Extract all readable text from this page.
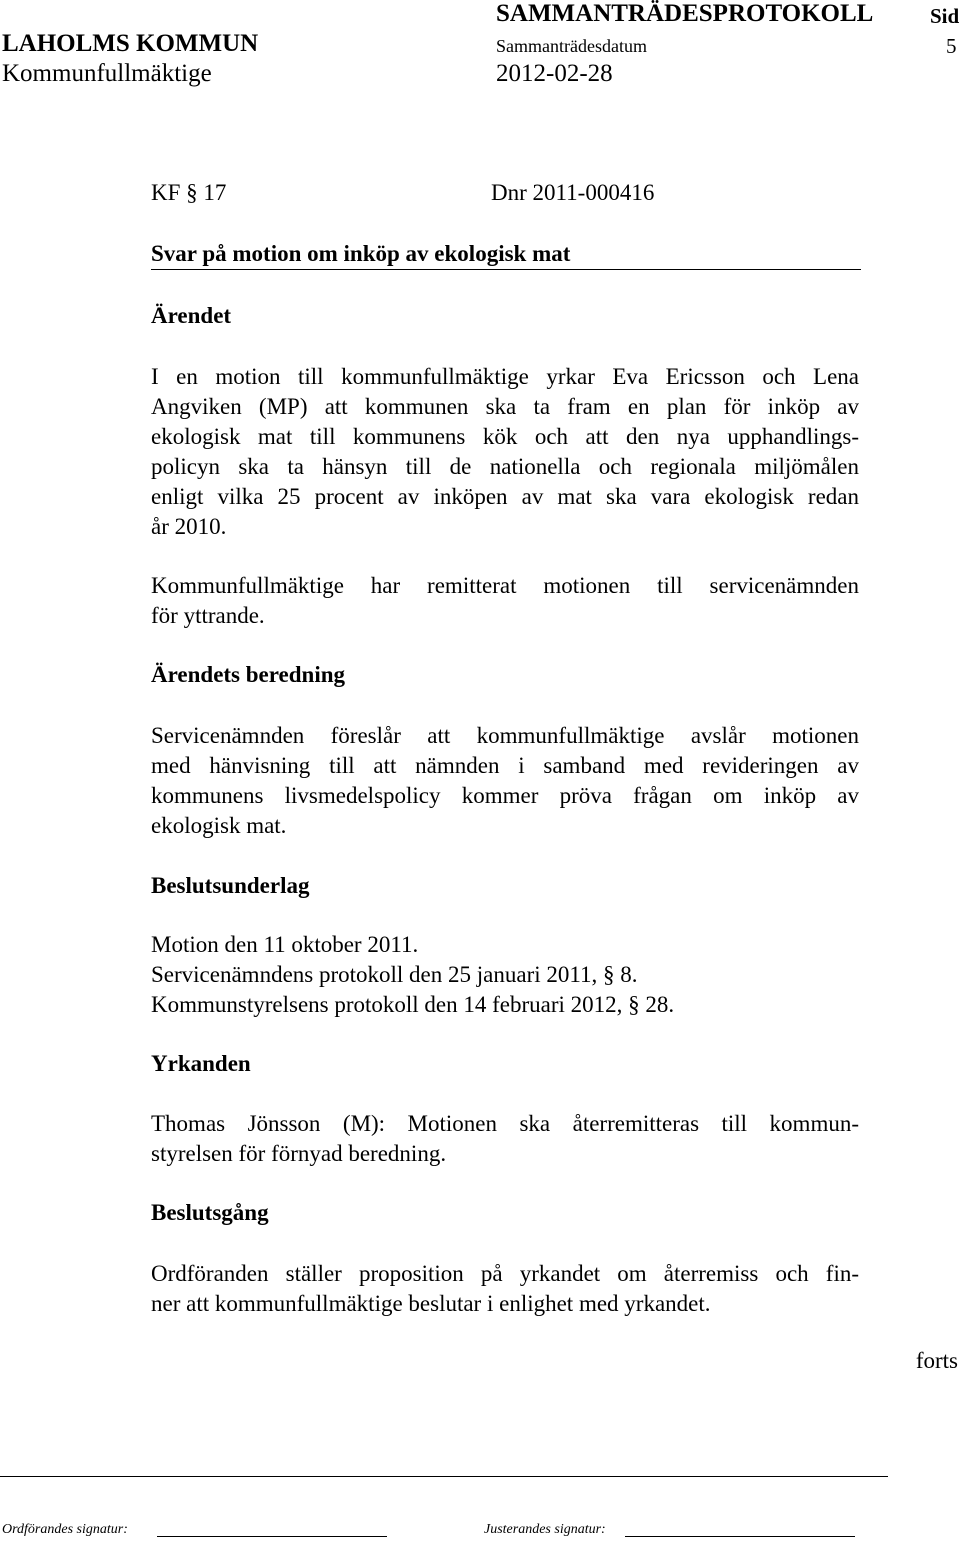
SAMMANTRÄDESPROTOKOLL	Sid
LAHOLMS KOMMUN	Sammanträdesdatum	5
Kommunfullmäktige	2012-02-28
KF § 17	Dnr 2011-000416
Svar på motion om inköp av ekologisk mat
Ärendet
I en motion till kommunfullmäktige yrkar Eva Ericsson och Lena
Angviken (MP) att kommunen ska ta fram en plan för inköp av
ekologisk mat till kommunens kök och att den nya upphandlings-
policyn ska ta hänsyn till de nationella och regionala miljömålen
enligt vilka 25 procent av inköpen av mat ska vara ekologisk redan
år 2010.
Kommunfullmäktige har remitterat motionen till servicenämnden
för yttrande.
Ärendets beredning
Servicenämnden föreslår att kommunfullmäktige avslår motionen
med hänvisning till att nämnden i samband med revideringen av
kommunens livsmedelspolicy kommer pröva frågan om inköp av
ekologisk mat.
Beslutsunderlag
Motion den 11 oktober 2011.
Servicenämndens protokoll den 25 januari 2011, § 8.
Kommunstyrelsens protokoll den 14 februari 2012, § 28.
Yrkanden
Thomas Jönsson (M): Motionen ska återremitteras till kommun-
styrelsen för förnyad beredning.
Beslutsgång
Ordföranden ställer proposition på yrkandet om återremiss och fin-
ner att kommunfullmäktige beslutar i enlighet med yrkandet.
forts
Ordförandes signatur:	Justerandes signatur:
